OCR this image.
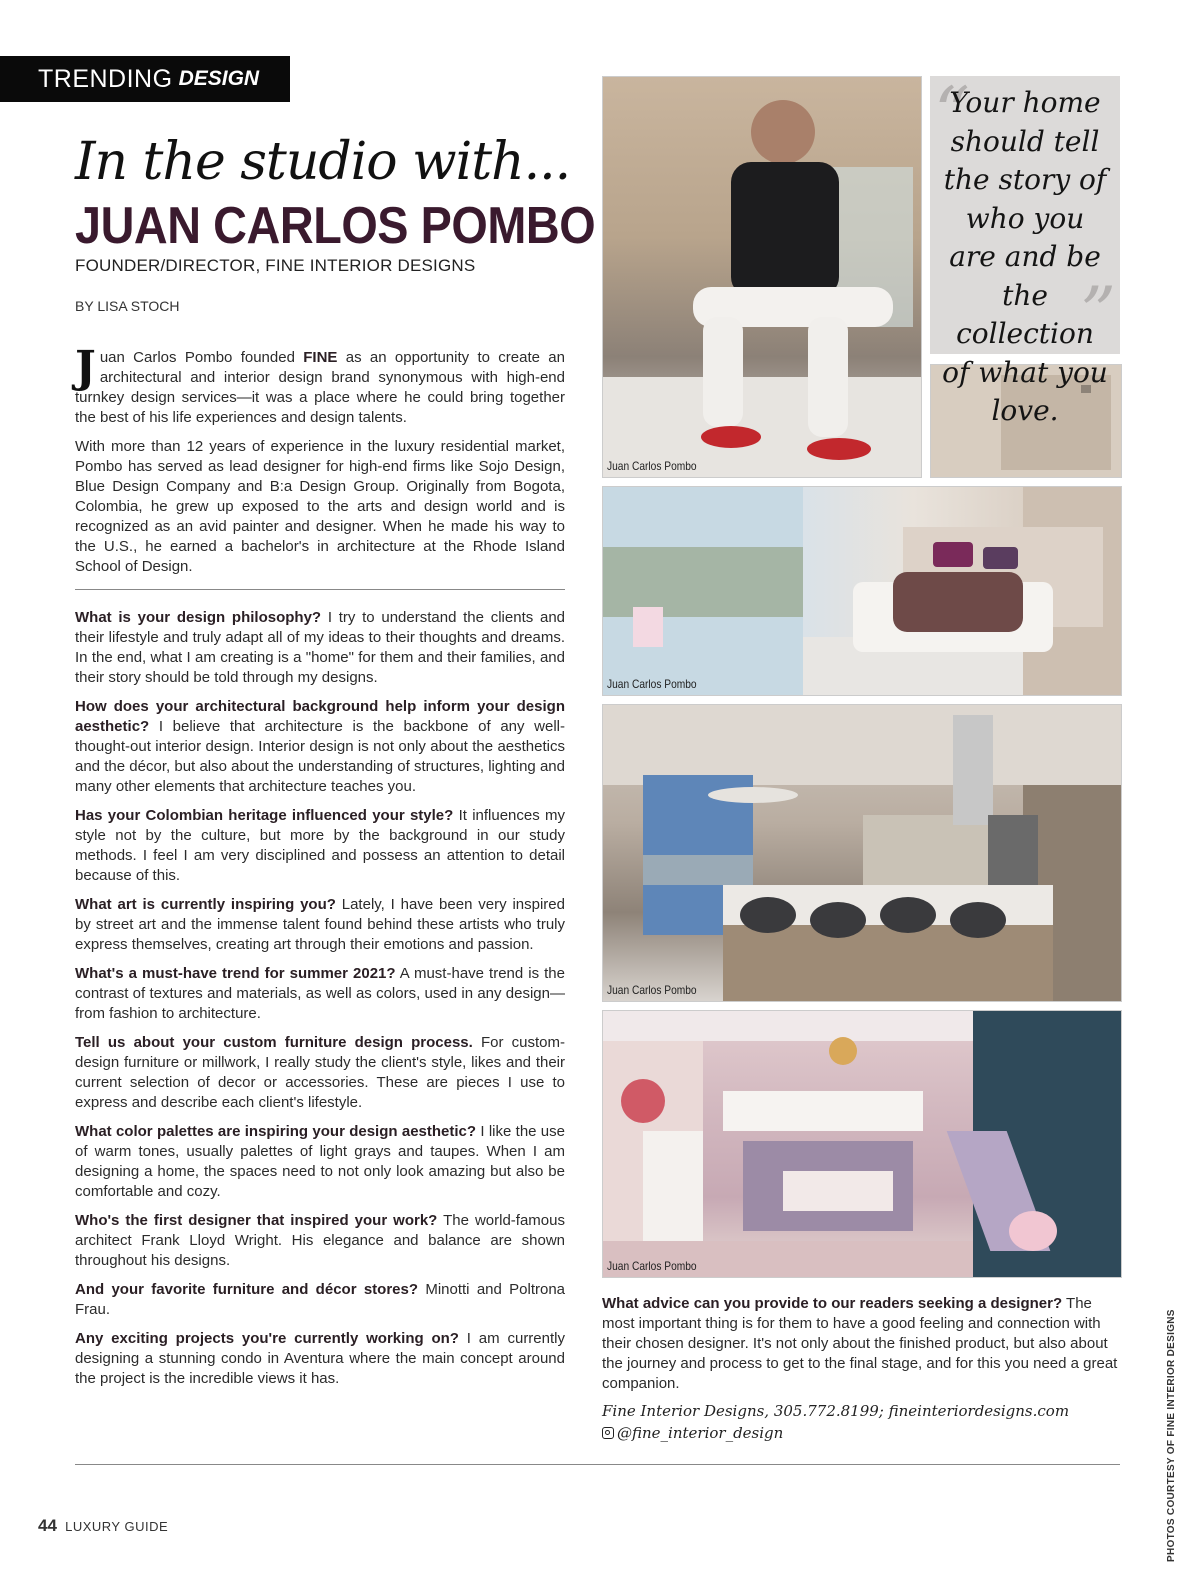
TRENDING DESIGN
In the studio with...
JUAN CARLOS POMBO
FOUNDER/DIRECTOR, FINE INTERIOR DESIGNS
BY LISA STOCH

Juan Carlos Pombo founded FINE as an opportunity to create an architectural and interior design brand synonymous with high-end turnkey design services—it was a place where he could bring together the best of his life experiences and design talents.

With more than 12 years of experience in the luxury residential market, Pombo has served as lead designer for high-end firms like Sojo Design, Blue Design Company and B:a Design Group. Originally from Bogota, Colombia, he grew up exposed to the arts and design world and is recognized as an avid painter and designer. When he made his way to the U.S., he earned a bachelor's in architecture at the Rhode Island School of Design.

What is your design philosophy? I try to understand the clients and their lifestyle and truly adapt all of my ideas to their thoughts and dreams. In the end, what I am creating is a "home" for them and their families, and their story should be told through my designs.

How does your architectural background help inform your design aesthetic? I believe that architecture is the backbone of any well-thought-out interior design. Interior design is not only about the aesthetics and the décor, but also about the understanding of structures, lighting and many other elements that architecture teaches you.

Has your Colombian heritage influenced your style? It influences my style not by the culture, but more by the background in our study methods. I feel I am very disciplined and possess an attention to detail because of this.

What art is currently inspiring you? Lately, I have been very inspired by street art and the immense talent found behind these artists who truly express themselves, creating art through their emotions and passion.

What's a must-have trend for summer 2021? A must-have trend is the contrast of textures and materials, as well as colors, used in any design—from fashion to architecture.

Tell us about your custom furniture design process. For custom-design furniture or millwork, I really study the client's style, likes and their current selection of decor or accessories. These are pieces I use to express and describe each client's lifestyle.

What color palettes are inspiring your design aesthetic? I like the use of warm tones, usually palettes of light grays and taupes. When I am designing a home, the spaces need to not only look amazing but also be comfortable and cozy.

Who's the first designer that inspired your work? The world-famous architect Frank Lloyd Wright. His elegance and balance are shown throughout his designs.

And your favorite furniture and décor stores? Minotti and Poltrona Frau.

Any exciting projects you're currently working on? I am currently designing a stunning condo in Aventura where the main concept around the project is the incredible views it has.

Juan Carlos Pombo
“
Your home should tell the story of who you are and be the collection of what you love.
”
Juan Carlos Pombo
Juan Carlos Pombo
Juan Carlos Pombo

What advice can you provide to our readers seeking a designer? The most important thing is for them to have a good feeling and connection with their chosen designer. It's not only about the finished product, but also about the journey and process to get to the final stage, and for this you need a great companion.

Fine Interior Designs, 305.772.8199; fineinteriordesigns.com
@fine_interior_design
44 LUXURY GUIDE	PHOTOS COURTESY OF FINE INTERIOR DESIGNS
